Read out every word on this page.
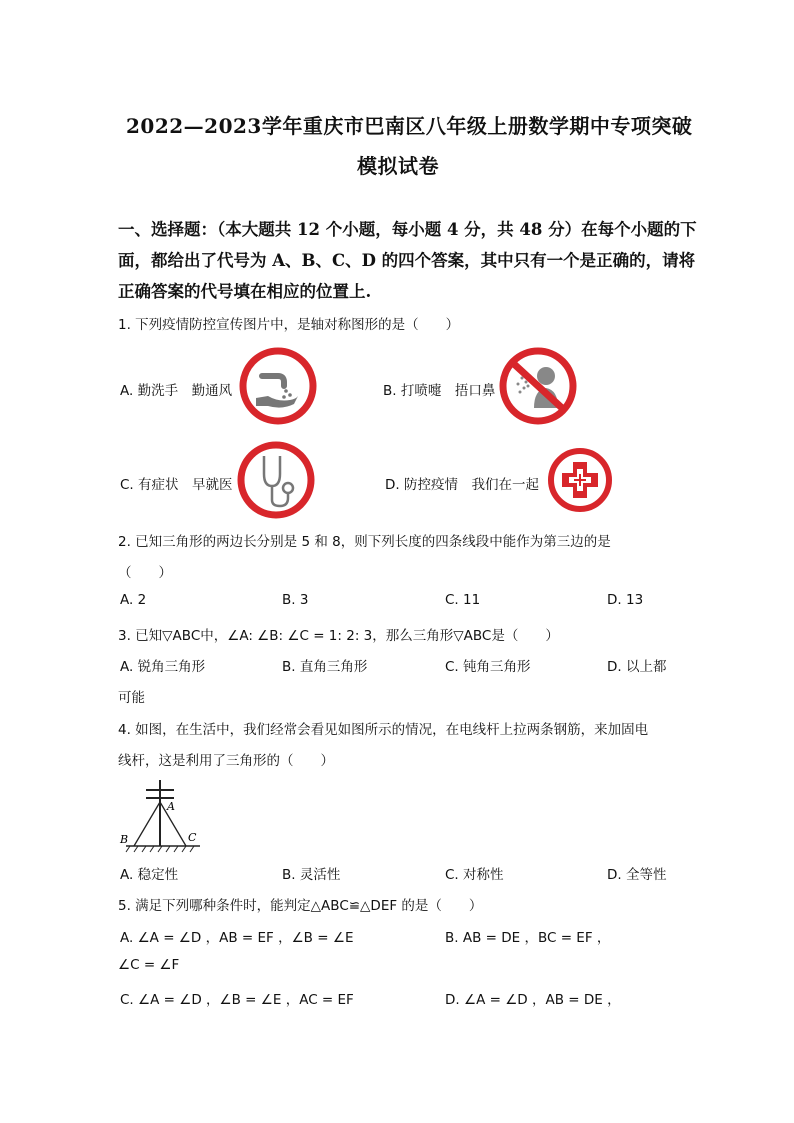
2022—2023学年重庆市巴南区八年级上册数学期中专项突破
模拟试卷
一、选择题：（本大题共 12 个小题，每小题 4 分，共 48 分）在每个小题的下
面，都给出了代号为 A、B、C、D 的四个答案，其中只有一个是正确的，请将
正确答案的代号填在相应的位置上.
1. 下列疫情防控宣传图片中，是轴对称图形的是（　　）
A. 勤洗手　勤通风	B. 打喷嚏　捂口鼻
C. 有症状　早就医	D. 防控疫情　我们在一起
2. 已知三角形的两边长分别是 5 和 8，则下列长度的四条线段中能作为第三边的是
（　　）
A. 2	B. 3	C. 11	D. 13
3. 已知▽ABC中，∠A: ∠B: ∠C = 1: 2: 3，那么三角形▽ABC是（　　）
A. 锐角三角形	B. 直角三角形	C. 钝角三角形	D. 以上都
可能
4. 如图，在生活中，我们经常会看见如图所示的情况，在电线杆上拉两条钢筋，来加固电
线杆，这是利用了三角形的（　　）
A
B	C
A. 稳定性	B. 灵活性	C. 对称性	D. 全等性
5. 满足下列哪种条件时，能判定△ABC≌△DEF 的是（　　）
A. ∠A = ∠D ，AB = EF ，∠B = ∠E	B. AB = DE ，BC = EF ，
∠C = ∠F
C. ∠A = ∠D ，∠B = ∠E ，AC = EF	D. ∠A = ∠D ，AB = DE ，
